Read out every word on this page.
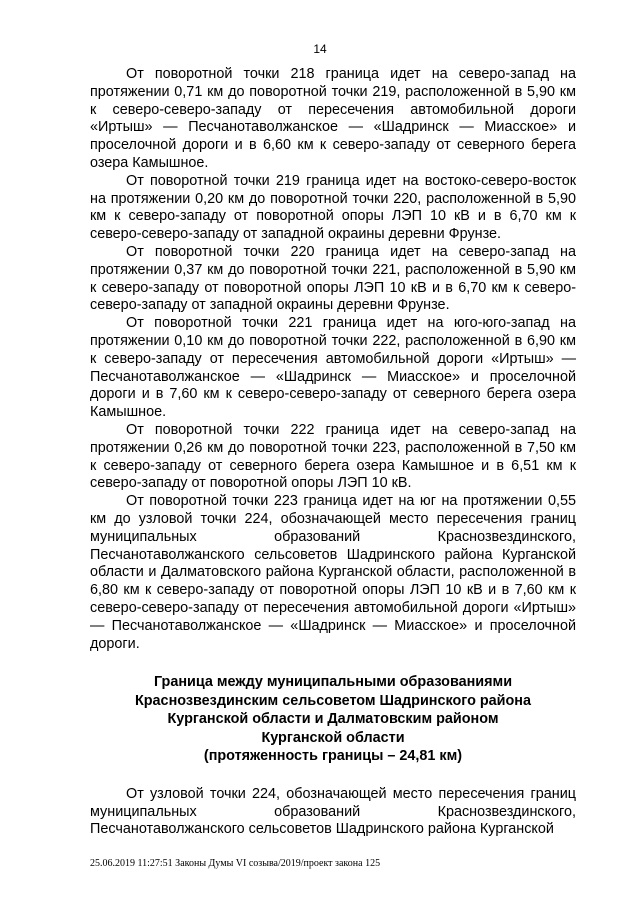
14

От поворотной точки 218 граница идет на северо-запад на протяжении 0,71 км до поворотной точки 219, расположенной в 5,90 км к северо-северо-западу от пересечения автомобильной дороги «Иртыш» — Песчанотаволжанское — «Шадринск — Миасское» и проселочной дороги и в 6,60 км к северо-западу от северного берега озера Камышное.

От поворотной точки 219 граница идет на востоко-северо-восток на протяжении 0,20 км до поворотной точки 220, расположенной в 5,90 км к северо-западу от поворотной опоры ЛЭП 10 кВ и в 6,70 км к северо-северо-западу от западной окраины деревни Фрунзе.

От поворотной точки 220 граница идет на северо-запад на протяжении 0,37 км до поворотной точки 221, расположенной в 5,90 км к северо-западу от поворотной опоры ЛЭП 10 кВ и в 6,70 км к северо-северо-западу от западной окраины деревни Фрунзе.

От поворотной точки 221 граница идет на юго-юго-запад на протяжении 0,10 км до поворотной точки 222, расположенной в 6,90 км к северо-западу от пересечения автомобильной дороги «Иртыш» — Песчанотаволжанское — «Шадринск — Миасское» и проселочной дороги и в 7,60 км к северо-северо-западу от северного берега озера Камышное.

От поворотной точки 222 граница идет на северо-запад на протяжении 0,26 км до поворотной точки 223, расположенной в 7,50 км к северо-западу от северного берега озера Камышное и в 6,51 км к северо-западу от поворотной опоры ЛЭП 10 кВ.

От поворотной точки 223 граница идет на юг на протяжении 0,55 км до узловой точки 224, обозначающей место пересечения границ муниципальных образований Краснозвездинского, Песчанотаволжанского сельсоветов Шадринского района Курганской области и Далматовского района Курганской области, расположенной в 6,80 км к северо-западу от поворотной опоры ЛЭП 10 кВ и в 7,60 км к северо-северо-западу от пересечения автомобильной дороги «Иртыш» — Песчанотаволжанское — «Шадринск — Миасское» и проселочной дороги.

Граница между муниципальными образованиями
Краснозвездинским сельсоветом Шадринского района
Курганской области и Далматовским районом
Курганской области
(протяженность границы – 24,81 км)

От узловой точки 224, обозначающей место пересечения границ муниципальных образований Краснозвездинского, Песчанотаволжанского сельсоветов Шадринского района Курганской

25.06.2019 11:27:51 Законы Думы VI созыва/2019/проект закона 125
